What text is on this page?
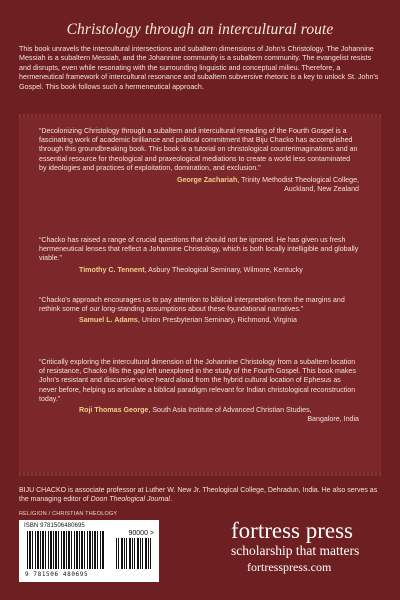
Christology through an intercultural route
This book unravels the intercultural intersections and subaltern dimensions of John's Christology. The Johannine Messiah is a subaltern Messiah, and the Johannine community is a subaltern community. The evangelist resists and disrupts, even while resonating with the surrounding linguistic and conceptual milieu. Therefore, a hermeneutical framework of intercultural resonance and subaltern subversive rhetoric is a key to unlock St. John's Gospel. This book follows such a hermeneutical approach.
“Decolonizing Christology through a subaltern and intercultural rereading of the Fourth Gospel is a fascinating work of academic brilliance and political commitment that Biju Chacko has accomplished through this groundbreaking book. This book is a tutorial on christological counterimaginations and an essential resource for theological and praxeological mediations to create a world less contaminated by ideologies and practices of exploitation, domination, and exclusion.”
George Zachariah, Trinity Methodist Theological College,
Auckland, New Zealand
“Chacko has raised a range of crucial questions that should not be ignored. He has given us fresh hermeneutical lenses that reflect a Johannine Christology, which is both locally intelligible and globally viable.”
Timothy C. Tennent, Asbury Theological Seminary, Wilmore, Kentucky
“Chacko's approach encourages us to pay attention to biblical interpretation from the margins and rethink some of our long-standing assumptions about these foundational narratives.”
Samuel L. Adams, Union Presbyterian Seminary, Richmond, Virginia
“Critically exploring the intercultural dimension of the Johannine Christology from a subaltern location of resistance, Chacko fills the gap left unexplored in the study of the Fourth Gospel. This book makes John's resistant and discursive voice heard aloud from the hybrid cultural location of Ephesus as never before, helping us articulate a biblical paradigm relevant for Indian christological reconstruction today.”
Roji Thomas George, South Asia Institute of Advanced Christian Studies,
Bangalore, India
BIJU CHACKO is associate professor at Luther W. New Jr. Theological College, Dehradun, India. He also serves as the managing editor of Doon Theological Journal.
RELIGION / CHRISTIAN THEOLOGY
ISBN 9781506480695
90000 >
9 781506 480695
fortress press
scholarship that matters
fortresspress.com
